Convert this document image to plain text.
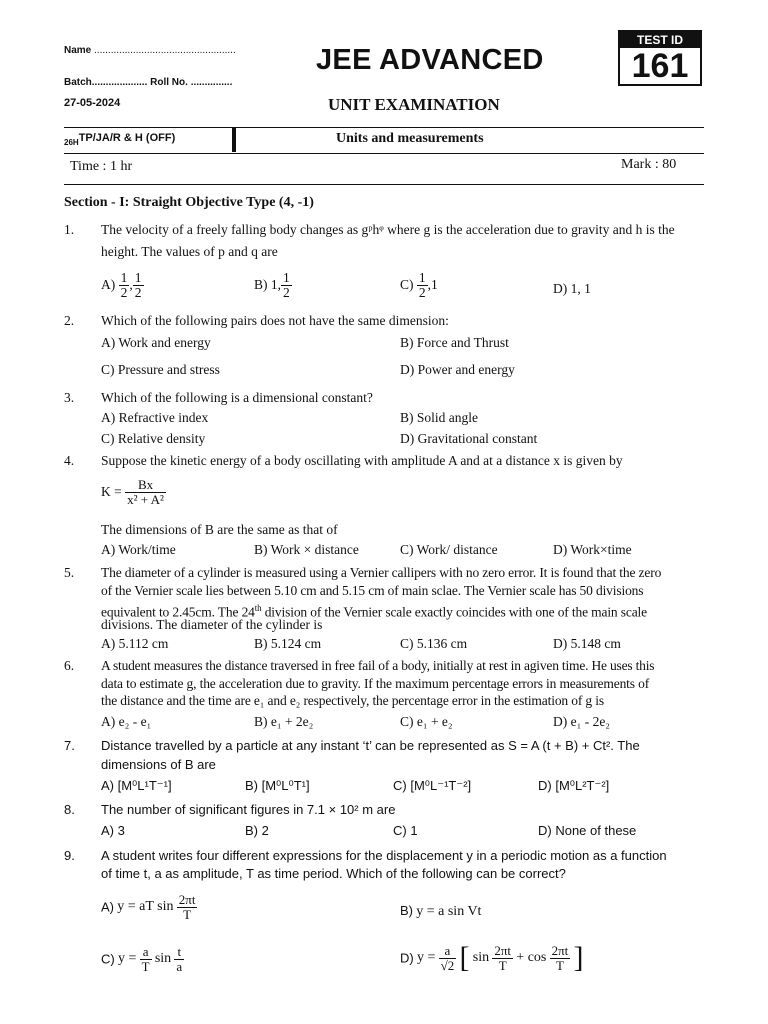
Name ...................................................
Batch.................... Roll No. ...............
27-05-2024
JEE ADVANCED
UNIT EXAMINATION
TEST ID
161
$_{26H}$TP/JA/R & H (OFF)	Units and measurements
Time : 1 hr	Mark : 80
Section - I: Straight Objective Type (4, -1)
1. The velocity of a freely falling body changes as gᵖhᵠ where g is the acceleration due to gravity and h is the
height. The values of p and q are
$A) \frac{1}{2}$ , $\frac{1}{2}$	B) 1, $\frac{1}{2}$	$C) \frac{1}{2} ,1$	D) 1, 1
2. Which of the following pairs does not have the same dimension:
A) Work and energy	B) Force and Thrust
C) Pressure and stress	D) Power and energy
3. Which of the following is a dimensional constant?
A) Refractive index	B) Solid angle
C) Relative density	D) Gravitational constant
4. Suppose the kinetic energy of a body oscillating with amplitude A and at a distance x is given by
$K = \frac{Bx}{\text{x² + A²}}$
The dimensions of B are the same as that of
A) Work/time	B) Work × distance	C) Work/ distance	D) Work×time
5. The diameter of a cylinder is measured using a Vernier callipers with no zero error. It is found that the zero
of the Vernier scale lies between 5.10 cm and 5.15 cm of main sclae. The Vernier scale has 50 divisions
equivalent to 2.45cm. The 24th division of the Vernier scale exactly coincides with one of the main scale
divisions. The diameter of the cylinder is
A) 5.112 cm	B) 5.124 cm	C) 5.136 cm	D) 5.148 cm
6. A student measures the distance traversed in free fail of a body, initially at rest in agiven time. He uses this
data to estimate g, the acceleration due to gravity. If the maximum percentage errors in measurements of
the distance and the time are e₁ and e₂ respectively, the percentage error in the estimation of g is
A) e₂ - e₁	B) e₁ + 2e₂	C) e₁ + e₂	D) e₁ - 2e₂
7. Distance travelled by a particle at any instant ‘t’ can be represented as S = A (t + B) + Ct². The
dimensions of B are
A) [M⁰L¹T⁻¹]	B) [M⁰L⁰T¹]	C) [M⁰L⁻¹T⁻²]	D) [M⁰L²T⁻²]
8. The number of significant figures in 7.1 × 10² m are
A) 3	B) 2	C) 1	D) None of these
9. A student writes four different expressions for the displacement y in a periodic motion as a function
of time t, a as amplitude, T as time period. Which of the following can be correct?
A) y = aT $\sin \frac{2\pi t}{T}$	B) y = a sin Vt
C) $y = \frac{a}{T}$ $\sin \frac{t}{a}$	D) $y = \frac{a}{√2}$ [ $\sin \frac{2\pi t}{T} + \cos \frac{2\pi t}{T}$ ]
